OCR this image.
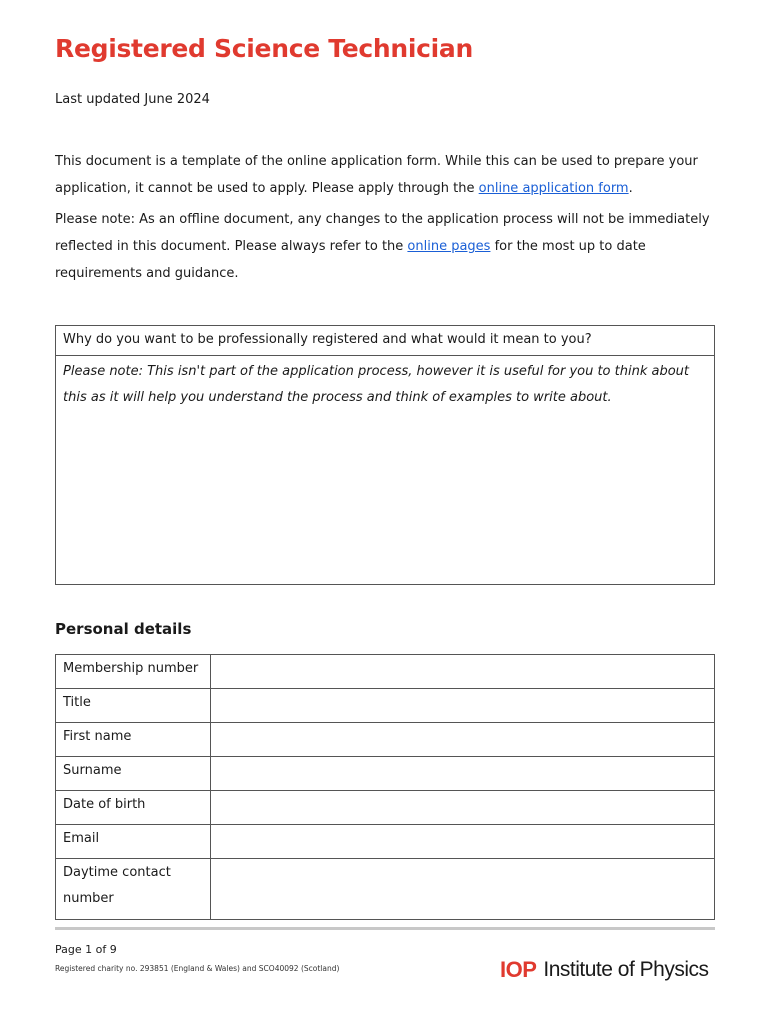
Registered Science Technician
Last updated June 2024

This document is a template of the online application form. While this can be used to prepare your application, it cannot be used to apply. Please apply through the online application form.

Please note: As an offline document, any changes to the application process will not be immediately reflected in this document. Please always refer to the online pages for the most up to date requirements and guidance.

Why do you want to be professionally registered and what would it mean to you?
Please note: This isn't part of the application process, however it is useful for you to think about this as it will help you understand the process and think of examples to write about.
Personal details
Membership number	
Title	
First name	
Surname	
Date of birth	
Email	
Daytime contact number	
Page 1 of 9
Registered charity no. 293851 (England & Wales) and SCO40092 (Scotland)	IOP Institute of Physics
